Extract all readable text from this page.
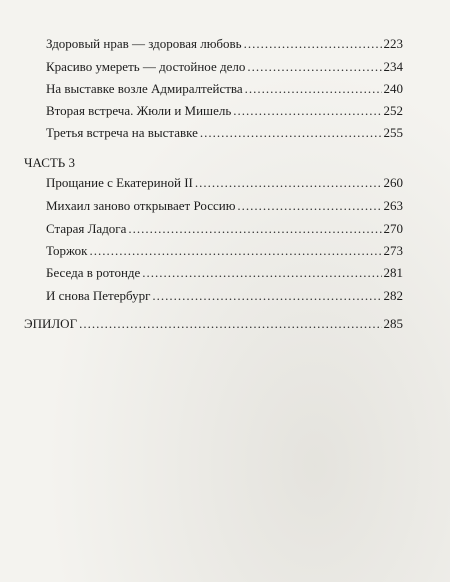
Здоровый нрав — здоровая любовь .....	223
Красиво умереть — достойное дело .....	234
На выставке возле Адмиралтейства .....	240
Вторая встреча. Жюли и Мишель .....	252
Третья встреча на выставке .....	255
ЧАСТЬ 3
Прощание с Екатериной II .....	260
Михаил заново открывает Россию .....	263
Старая Ладога .....	270
Торжок .....	273
Беседа в ротонде .....	281
И снова Петербург .....	282
ЭПИЛОГ .....	285
